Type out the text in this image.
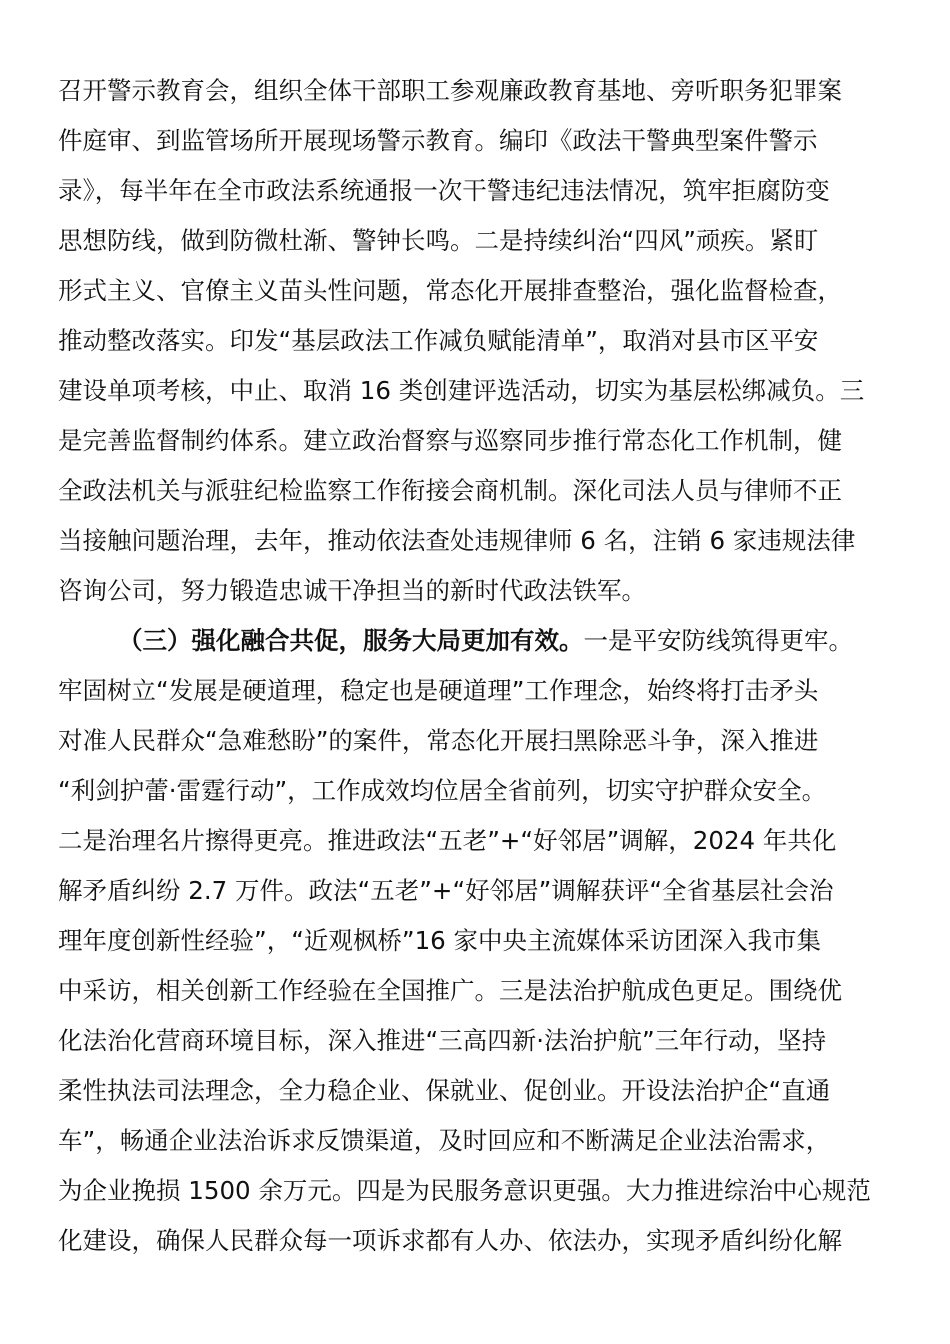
召开警示教育会，组织全体干部职工参观廉政教育基地、旁听职务犯罪案
件庭审、到监管场所开展现场警示教育。编印《政法干警典型案件警示
录》，每半年在全市政法系统通报一次干警违纪违法情况，筑牢拒腐防变
思想防线，做到防微杜渐、警钟长鸣。二是持续纠治“四风”顽疾。紧盯
形式主义、官僚主义苗头性问题，常态化开展排查整治，强化监督检查，
推动整改落实。印发“基层政法工作减负赋能清单”，取消对县市区平安
建设单项考核，中止、取消 16 类创建评选活动，切实为基层松绑减负。三
是完善监督制约体系。建立政治督察与巡察同步推行常态化工作机制，健
全政法机关与派驻纪检监察工作衔接会商机制。深化司法人员与律师不正
当接触问题治理，去年，推动依法查处违规律师 6 名，注销 6 家违规法律
咨询公司，努力锻造忠诚干净担当的新时代政法铁军。
（三）强化融合共促，服务大局更加有效。一是平安防线筑得更牢。
牢固树立“发展是硬道理，稳定也是硬道理”工作理念，始终将打击矛头
对准人民群众“急难愁盼”的案件，常态化开展扫黑除恶斗争，深入推进
“利剑护蕾·雷霆行动”，工作成效均位居全省前列，切实守护群众安全。
二是治理名片擦得更亮。推进政法“五老”+“好邻居”调解，2024 年共化
解矛盾纠纷 2.7 万件。政法“五老”+“好邻居”调解获评“全省基层社会治
理年度创新性经验”，“近观枫桥”16 家中央主流媒体采访团深入我市集
中采访，相关创新工作经验在全国推广。三是法治护航成色更足。围绕优
化法治化营商环境目标，深入推进“三高四新·法治护航”三年行动，坚持
柔性执法司法理念，全力稳企业、保就业、促创业。开设法治护企“直通
车”，畅通企业法治诉求反馈渠道，及时回应和不断满足企业法治需求，
为企业挽损 1500 余万元。四是为民服务意识更强。大力推进综治中心规范
化建设，确保人民群众每一项诉求都有人办、依法办，实现矛盾纠纷化解
